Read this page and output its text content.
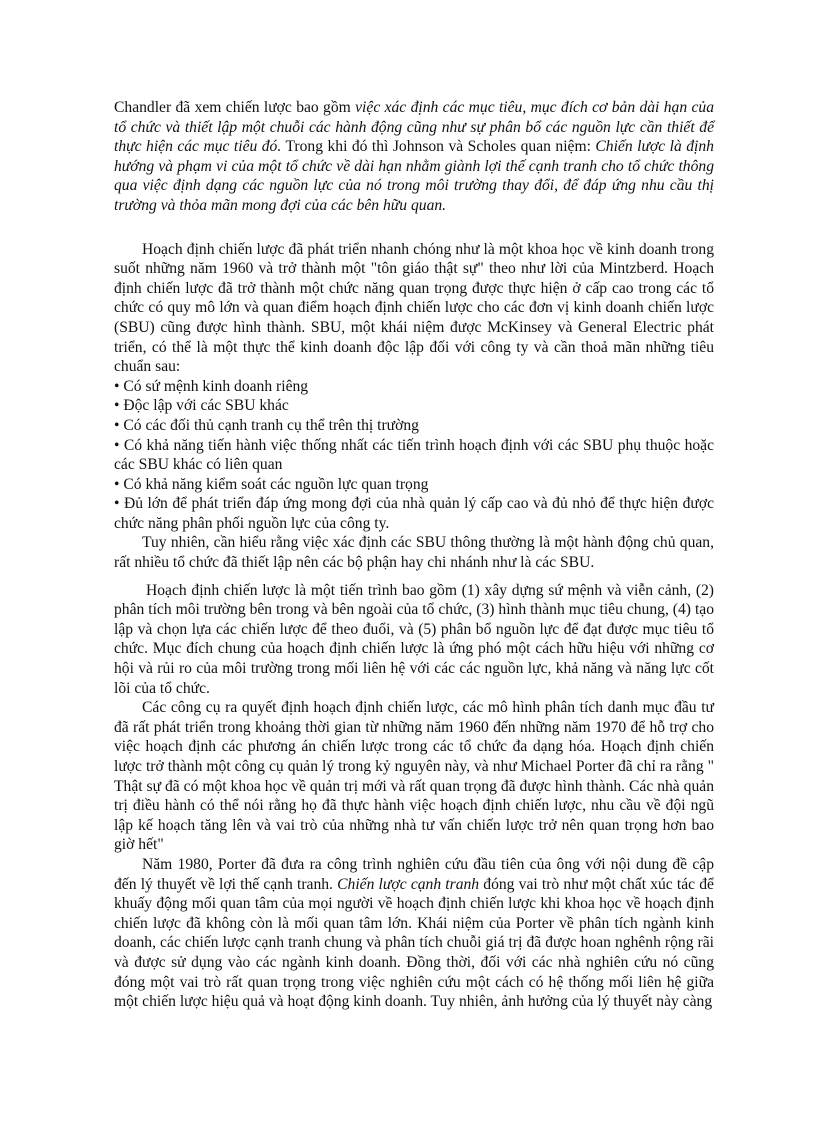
Chandler đã xem chiến lược bao gồm việc xác định các mục tiêu, mục đích cơ bản dài hạn của tổ chức và thiết lập một chuỗi các hành động cũng như sự phân bổ các nguồn lực cần thiết để thực hiện các mục tiêu đó. Trong khi đó thì Johnson và Scholes quan niệm: Chiến lược là định hướng và phạm vi của một tổ chức về dài hạn nhằm giành lợi thế cạnh tranh cho tổ chức thông qua việc định dạng các nguồn lực của nó trong môi trường thay đổi, để đáp ứng nhu cầu thị trường và thỏa mãn mong đợi của các bên hữu quan.

Hoạch định chiến lược đã phát triển nhanh chóng như là một khoa học về kinh doanh trong suốt những năm 1960 và trở thành một "tôn giáo thật sự" theo như lời của Mintzberd. Hoạch định chiến lược đã trở thành một chức năng quan trọng được thực hiện ở cấp cao trong các tổ chức có quy mô lớn và quan điểm hoạch định chiến lược cho các đơn vị kinh doanh chiến lược (SBU) cũng được hình thành. SBU, một khái niệm được McKinsey và General Electric phát triển, có thể là một thực thể kinh doanh độc lập đối với công ty và cần thoả mãn những tiêu chuẩn sau:

• Có sứ mệnh kinh doanh riêng
• Độc lập với các SBU khác
• Có các đối thủ cạnh tranh cụ thể trên thị trường
• Có khả năng tiến hành việc thống nhất các tiến trình hoạch định với các SBU phụ thuộc hoặc các SBU khác có liên quan
• Có khả năng kiểm soát các nguồn lực quan trọng
• Đủ lớn để phát triển đáp ứng mong đợi của nhà quản lý cấp cao và đủ nhỏ để thực hiện được chức năng phân phối nguồn lực của công ty.

Tuy nhiên, cần hiểu rằng việc xác định các SBU thông thường là một hành động chủ quan, rất nhiều tổ chức đã thiết lập nên các bộ phận hay chi nhánh như là các SBU.

Hoạch định chiến lược là một tiến trình bao gồm (1) xây dựng sứ mệnh và viễn cảnh, (2) phân tích môi trường bên trong và bên ngoài của tổ chức, (3) hình thành mục tiêu chung, (4) tạo lập và chọn lựa các chiến lược để theo đuổi, và (5) phân bổ nguồn lực để đạt được mục tiêu tổ chức. Mục đích chung của hoạch định chiến lược là ứng phó một cách hữu hiệu với những cơ hội và rủi ro của môi trường trong mối liên hệ với các các nguồn lực, khả năng và năng lực cốt lõi của tổ chức.

Các công cụ ra quyết định hoạch định chiến lược, các mô hình phân tích danh mục đầu tư đã rất phát triển trong khoảng thời gian từ những năm 1960 đến những năm 1970 để hỗ trợ cho việc hoạch định các phương án chiến lược trong các tổ chức đa dạng hóa. Hoạch định chiến lược trở thành một công cụ quản lý trong kỷ nguyên này, và như Michael Porter đã chỉ ra rằng " Thật sự đã có một khoa học về quản trị mới và rất quan trọng đã được hình thành. Các nhà quản trị điều hành có thể nói rằng họ đã thực hành việc hoạch định chiến lược, nhu cầu về đội ngũ lập kế hoạch tăng lên và vai trò của những nhà tư vấn chiến lược trở nên quan trọng hơn bao giờ hết"

Năm 1980, Porter đã đưa ra công trình nghiên cứu đầu tiên của ông với nội dung đề cập đến lý thuyết về lợi thế cạnh tranh. Chiến lược cạnh tranh đóng vai trò như một chất xúc tác để khuấy động mối quan tâm của mọi người về hoạch định chiến lược khi khoa học về hoạch định chiến lược đã không còn là mối quan tâm lớn. Khái niệm của Porter về phân tích ngành kinh doanh, các chiến lược cạnh tranh chung và phân tích chuỗi giá trị đã được hoan nghênh rộng rãi và được sử dụng vào các ngành kinh doanh. Đồng thời, đối với các nhà nghiên cứu nó cũng đóng một vai trò rất quan trọng trong việc nghiên cứu một cách có hệ thống mối liên hệ giữa một chiến lược hiệu quả và hoạt động kinh doanh. Tuy nhiên, ảnh hưởng của lý thuyết này càng
